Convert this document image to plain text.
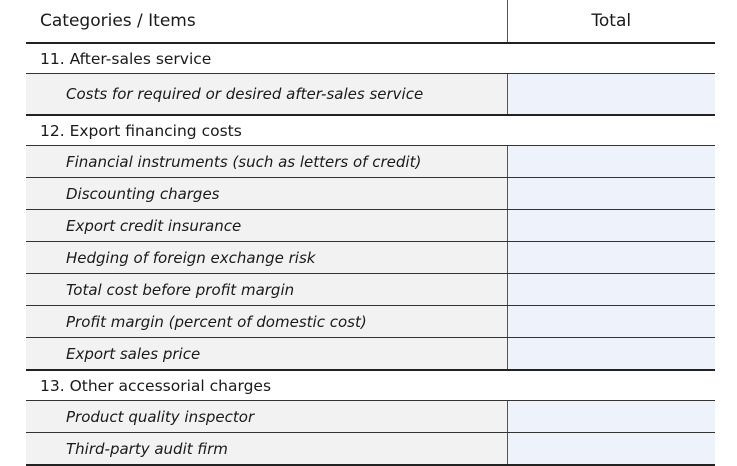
Categories / Items	Total
11. After-sales service	
Costs for required or desired after-sales service	
12. Export financing costs	
Financial instruments (such as letters of credit)	
Discounting charges	
Export credit insurance	
Hedging of foreign exchange risk	
Total cost before profit margin	
Profit margin (percent of domestic cost)	
Export sales price	
13. Other accessorial charges	
Product quality inspector	
Third-party audit firm	
